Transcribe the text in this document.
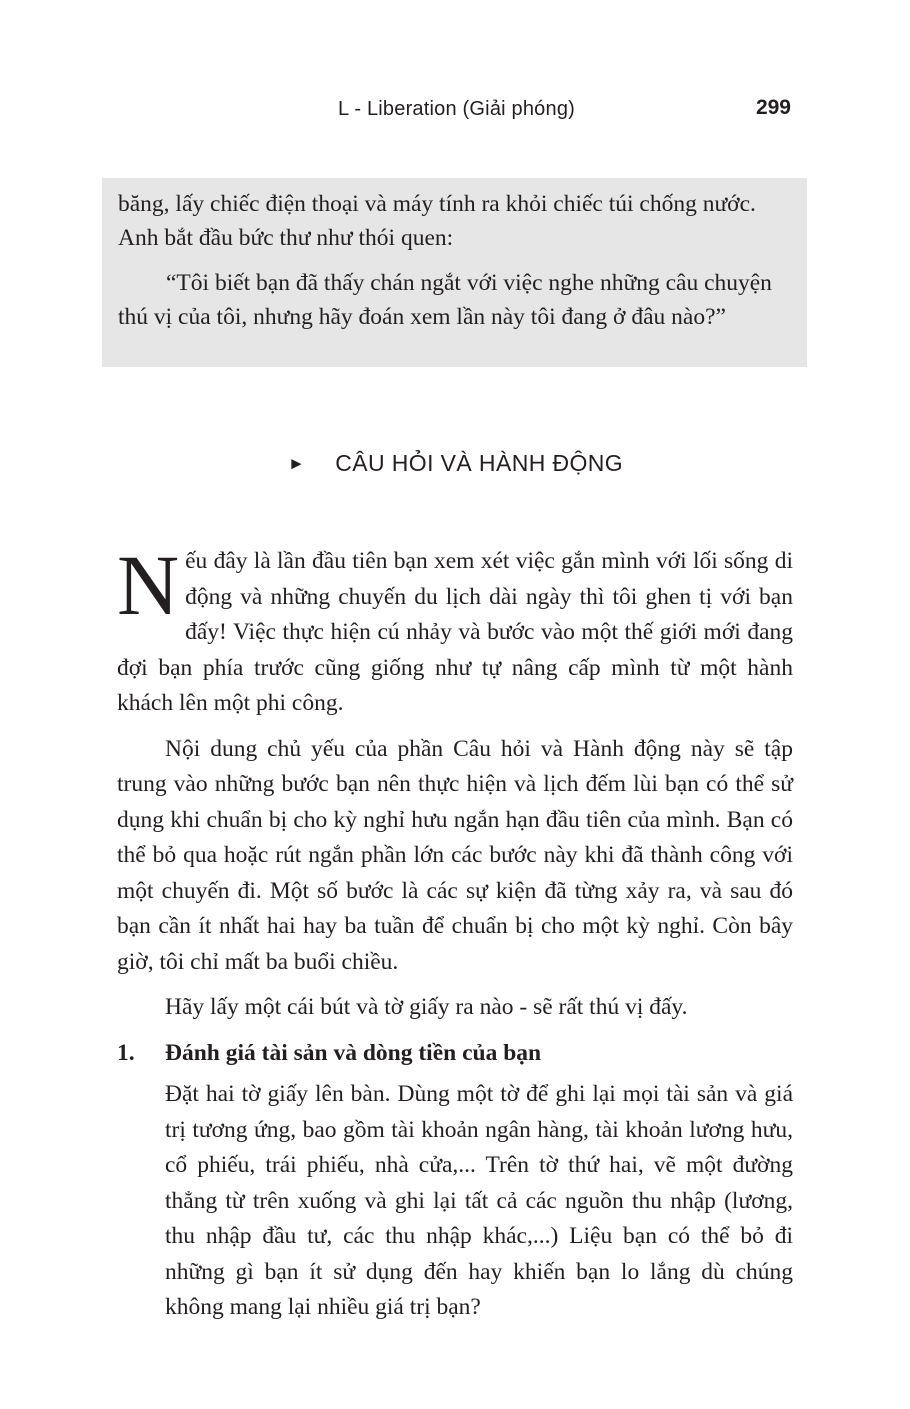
L - Liberation (Giải phóng)	299

băng, lấy chiếc điện thoại và máy tính ra khỏi chiếc túi chống nước. Anh bắt đầu bức thư như thói quen:

“Tôi biết bạn đã thấy chán ngắt với việc nghe những câu chuyện thú vị của tôi, nhưng hãy đoán xem lần này tôi đang ở đâu nào?”

► CÂU HỎI VÀ HÀNH ĐỘNG

Nếu đây là lần đầu tiên bạn xem xét việc gắn mình với lối sống di động và những chuyến du lịch dài ngày thì tôi ghen tị với bạn đấy! Việc thực hiện cú nhảy và bước vào một thế giới mới đang đợi bạn phía trước cũng giống như tự nâng cấp mình từ một hành khách lên một phi công.

Nội dung chủ yếu của phần Câu hỏi và Hành động này sẽ tập trung vào những bước bạn nên thực hiện và lịch đếm lùi bạn có thể sử dụng khi chuẩn bị cho kỳ nghỉ hưu ngắn hạn đầu tiên của mình. Bạn có thể bỏ qua hoặc rút ngắn phần lớn các bước này khi đã thành công với một chuyến đi. Một số bước là các sự kiện đã từng xảy ra, và sau đó bạn cần ít nhất hai hay ba tuần để chuẩn bị cho một kỳ nghỉ. Còn bây giờ, tôi chỉ mất ba buổi chiều.

Hãy lấy một cái bút và tờ giấy ra nào - sẽ rất thú vị đấy.

1.	Đánh giá tài sản và dòng tiền của bạn

Đặt hai tờ giấy lên bàn. Dùng một tờ để ghi lại mọi tài sản và giá trị tương ứng, bao gồm tài khoản ngân hàng, tài khoản lương hưu, cổ phiếu, trái phiếu, nhà cửa,... Trên tờ thứ hai, vẽ một đường thẳng từ trên xuống và ghi lại tất cả các nguồn thu nhập (lương, thu nhập đầu tư, các thu nhập khác,...) Liệu bạn có thể bỏ đi những gì bạn ít sử dụng đến hay khiến bạn lo lắng dù chúng không mang lại nhiều giá trị bạn?
